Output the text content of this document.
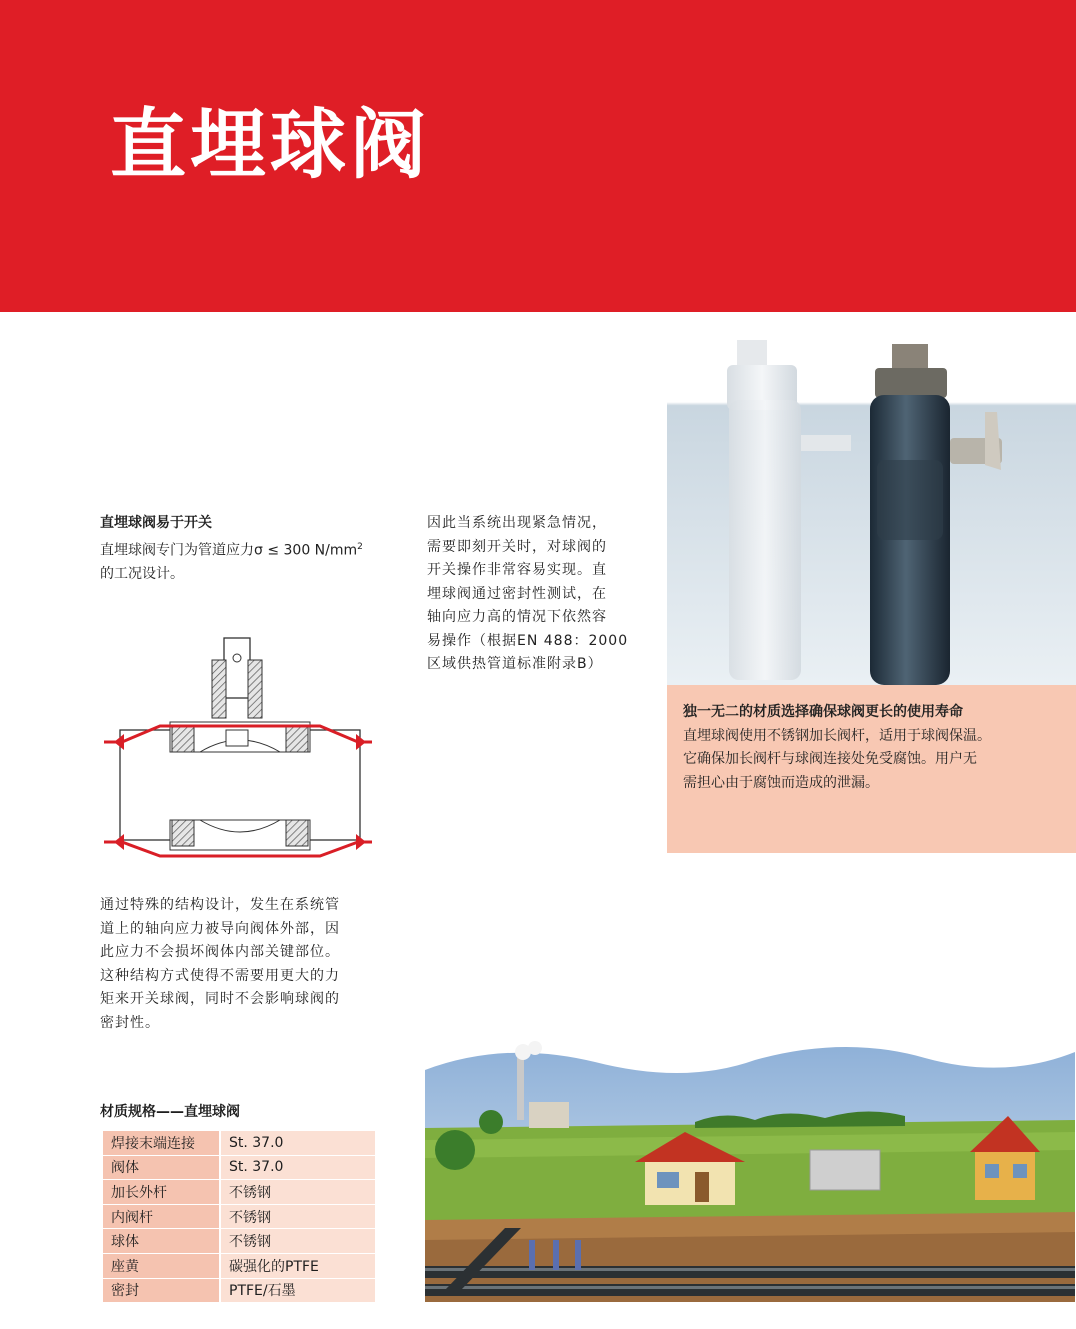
直埋球阀
直埋球阀易于开关
直埋球阀专门为管道应力σ ≤ 300 $N/mm^2$
的工况设计。
因此当系统出现紧急情况，
需要即刻开关时，对球阀的
开关操作非常容易实现。直
埋球阀通过密封性测试，在
轴向应力高的情况下依然容
易操作（根据EN 488：2000
区域供热管道标准附录B）
独一无二的材质选择确保球阀更长的使用寿命
直埋球阀使用不锈钢加长阀杆，适用于球阀保温。
它确保加长阀杆与球阀连接处免受腐蚀。用户无
需担心由于腐蚀而造成的泄漏。
通过特殊的结构设计，发生在系统管
道上的轴向应力被导向阀体外部，因
此应力不会损坏阀体内部关键部位。
这种结构方式使得不需要用更大的力
矩来开关球阀，同时不会影响球阀的
密封性。
材质规格——直埋球阀
焊接末端连接	St. 37.0
阀体	St. 37.0
加长外杆	不锈钢
内阀杆	不锈钢
球体	不锈钢
座黄	碳强化的PTFE
密封	PTFE/石墨
